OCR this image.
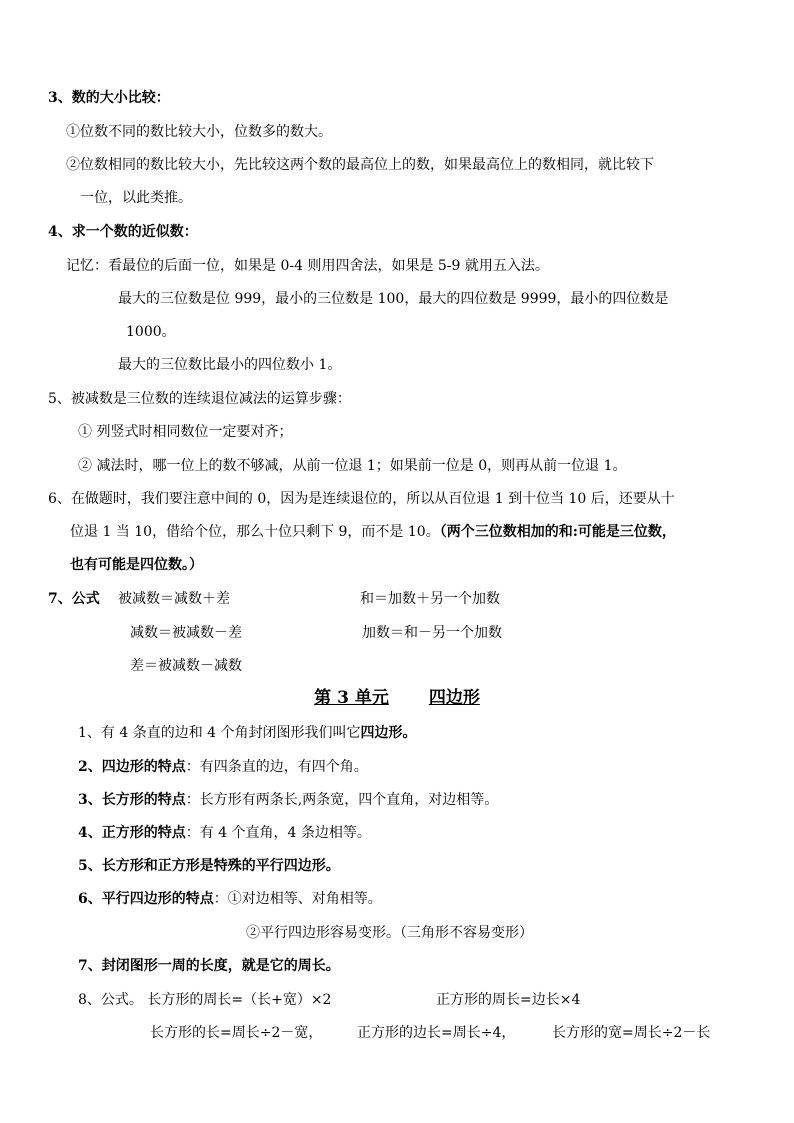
3、数的大小比较：
①位数不同的数比较大小，位数多的数大。
②位数相同的数比较大小，先比较这两个数的最高位上的数，如果最高位上的数相同，就比较下
一位，以此类推。
4、求一个数的近似数：
记忆：看最位的后面一位，如果是 0-4 则用四舍法，如果是 5-9 就用五入法。
最大的三位数是位 999，最小的三位数是 100，最大的四位数是 9999，最小的四位数是
1000。
最大的三位数比最小的四位数小 1。
5、被减数是三位数的连续退位减法的运算步骤：
① 列竖式时相同数位一定要对齐；
② 减法时，哪一位上的数不够减，从前一位退 1；如果前一位是 0，则再从前一位退 1。
6、在做题时，我们要注意中间的 0，因为是连续退位的，所以从百位退 1 到十位当 10 后，还要从十
位退 1 当 10，借给个位，那么十位只剩下 9，而不是 10。（两个三位数相加的和:可能是三位数，
也有可能是四位数。）
7、公式 被减数＝减数＋差	和＝加数＋另一个加数
减数＝被减数－差	加数＝和－另一个加数
差＝被减数－减数
第 3 单元 四边形
1、有 4 条直的边和 4 个角封闭图形我们叫它四边形。
2、四边形的特点：有四条直的边，有四个角。
3、长方形的特点：长方形有两条长,两条宽，四个直角，对边相等。
4、正方形的特点：有 4 个直角，4 条边相等。
5、长方形和正方形是特殊的平行四边形。
6、平行四边形的特点：①对边相等、对角相等。
②平行四边形容易变形。（三角形不容易变形）
7、封闭图形一周的长度，就是它的周长。
8、公式。 长方形的周长=（长+宽）×2	正方形的周长=边长×4
长方形的长=周长÷2－宽， 正方形的边长=周长÷4，	长方形的宽=周长÷2－长
